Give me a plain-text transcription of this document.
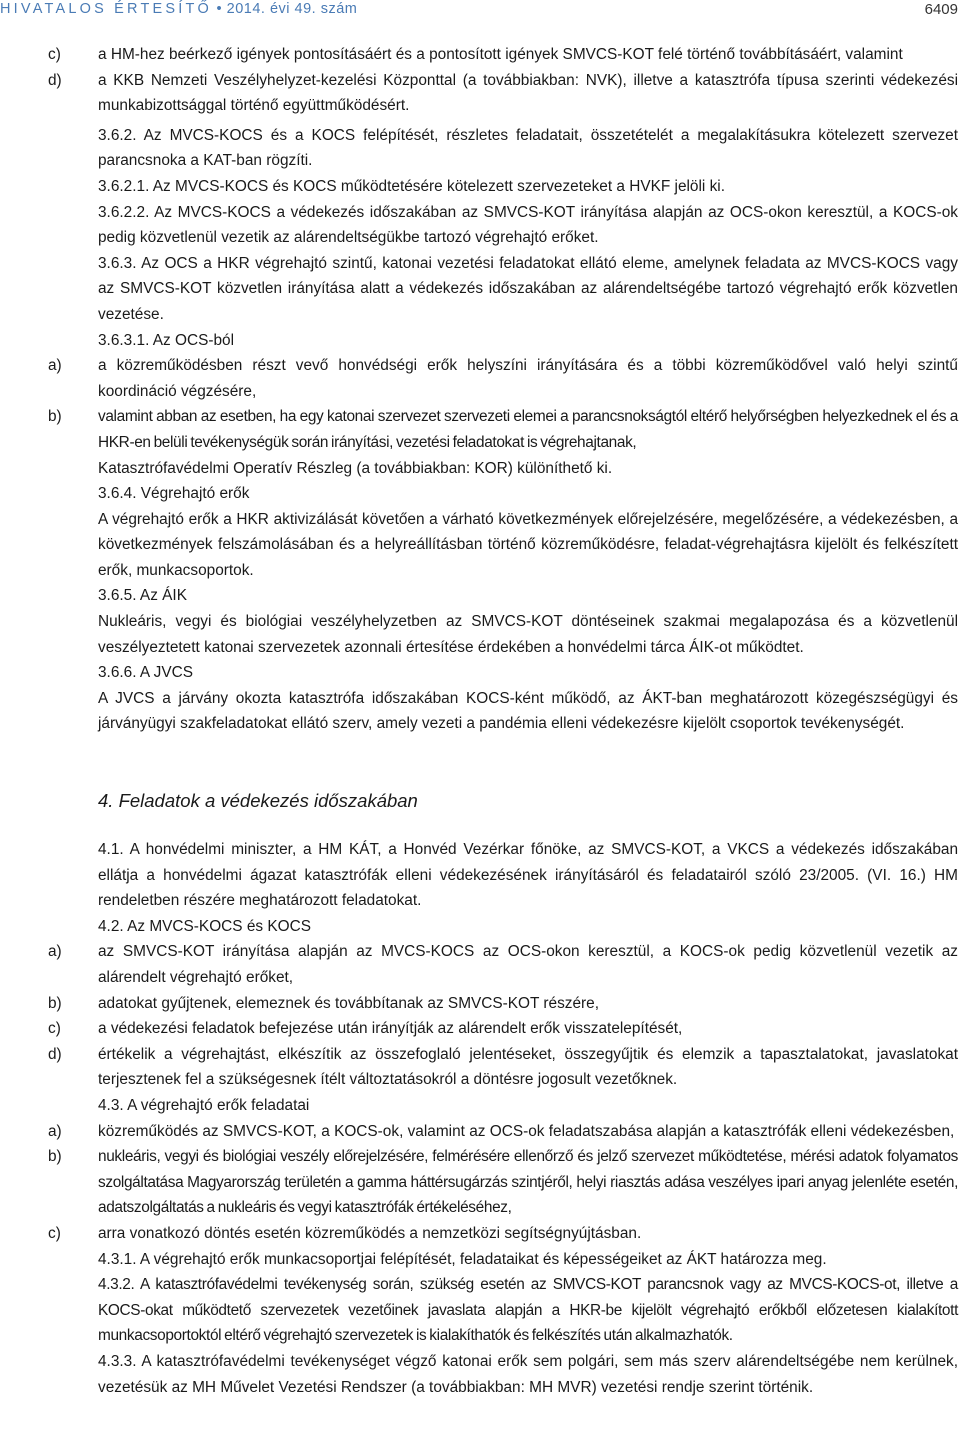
HIVATALOS ÉRTESÍTŐ • 2014. évi 49. szám	6409
c)	a HM-hez beérkező igények pontosításáért és a pontosított igények SMVCS-KOT felé történő továbbításáért, valamint
d)	a KKB Nemzeti Veszélyhelyzet-kezelési Központtal (a továbbiakban: NVK), illetve a katasztrófa típusa szerinti védekezési munkabizottsággal történő együttműködésért.

3.6.2. Az MVCS-KOCS és a KOCS felépítését, részletes feladatait, összetételét a megalakításukra kötelezett szervezet parancsnoka a KAT-ban rögzíti.

3.6.2.1. Az MVCS-KOCS és KOCS működtetésére kötelezett szervezeteket a HVKF jelöli ki.

3.6.2.2. Az MVCS-KOCS a védekezés időszakában az SMVCS-KOT irányítása alapján az OCS-okon keresztül, a KOCS-ok pedig közvetlenül vezetik az alárendeltségükbe tartozó végrehajtó erőket.

3.6.3. Az OCS a HKR végrehajtó szintű, katonai vezetési feladatokat ellátó eleme, amelynek feladata az MVCS-KOCS vagy az SMVCS-KOT közvetlen irányítása alatt a védekezés időszakában az alárendeltségébe tartozó végrehajtó erők közvetlen vezetése.

3.6.3.1. Az OCS-ból

a)	a közreműködésben részt vevő honvédségi erők helyszíni irányítására és a többi közreműködővel való helyi szintű koordináció végzésére,
b)	valamint abban az esetben, ha egy katonai szervezet szervezeti elemei a parancsnokságtól eltérő helyőrségben helyezkednek el és a HKR-en belüli tevékenységük során irányítási, vezetési feladatokat is végrehajtanak,

Katasztrófavédelmi Operatív Részleg (a továbbiakban: KOR) különíthető ki.

3.6.4. Végrehajtó erők

A végrehajtó erők a HKR aktivizálását követően a várható következmények előrejelzésére, megelőzésére, a védekezésben, a következmények felszámolásában és a helyreállításban történő közreműködésre, feladat-végrehajtásra kijelölt és felkészített erők, munkacsoportok.

3.6.5. Az ÁIK

Nukleáris, vegyi és biológiai veszélyhelyzetben az SMVCS-KOT döntéseinek szakmai megalapozása és a közvetlenül veszélyeztetett katonai szervezetek azonnali értesítése érdekében a honvédelmi tárca ÁIK-ot működtet.

3.6.6. A JVCS

A JVCS a járvány okozta katasztrófa időszakában KOCS-ként működő, az ÁKT-ban meghatározott közegészségügyi és járványügyi szakfeladatokat ellátó szerv, amely vezeti a pandémia elleni védekezésre kijelölt csoportok tevékenységét.

4. Feladatok a védekezés időszakában

4.1. A honvédelmi miniszter, a HM KÁT, a Honvéd Vezérkar főnöke, az SMVCS-KOT, a VKCS a védekezés időszakában ellátja a honvédelmi ágazat katasztrófák elleni védekezésének irányításáról és feladatairól szóló 23/2005. (VI. 16.) HM rendeletben részére meghatározott feladatokat.

4.2. Az MVCS-KOCS és KOCS

a)	az SMVCS-KOT irányítása alapján az MVCS-KOCS az OCS-okon keresztül, a KOCS-ok pedig közvetlenül vezetik az alárendelt végrehajtó erőket,
b)	adatokat gyűjtenek, elemeznek és továbbítanak az SMVCS-KOT részére,
c)	a védekezési feladatok befejezése után irányítják az alárendelt erők visszatelepítését,
d)	értékelik a végrehajtást, elkészítik az összefoglaló jelentéseket, összegyűjtik és elemzik a tapasztalatokat, javaslatokat terjesztenek fel a szükségesnek ítélt változtatásokról a döntésre jogosult vezetőknek.

4.3. A végrehajtó erők feladatai

a)	közreműködés az SMVCS-KOT, a KOCS-ok, valamint az OCS-ok feladatszabása alapján a katasztrófák elleni védekezésben,
b)	nukleáris, vegyi és biológiai veszély előrejelzésére, felmérésére ellenőrző és jelző szervezet működtetése, mérési adatok folyamatos szolgáltatása Magyarország területén a gamma háttérsugárzás szintjéről, helyi riasztás adása veszélyes ipari anyag jelenléte esetén, adatszolgáltatás a nukleáris és vegyi katasztrófák értékeléséhez,
c)	arra vonatkozó döntés esetén közreműködés a nemzetközi segítségnyújtásban.

4.3.1. A végrehajtó erők munkacsoportjai felépítését, feladataikat és képességeiket az ÁKT határozza meg.

4.3.2. A katasztrófavédelmi tevékenység során, szükség esetén az SMVCS-KOT parancsnok vagy az MVCS-KOCS-ot, illetve a KOCS-okat működtető szervezetek vezetőinek javaslata alapján a HKR-be kijelölt végrehajtó erőkből előzetesen kialakított munkacsoportoktól eltérő végrehajtó szervezetek is kialakíthatók és felkészítés után alkalmazhatók.

4.3.3. A katasztrófavédelmi tevékenységet végző katonai erők sem polgári, sem más szerv alárendeltségébe nem kerülnek, vezetésük az MH Művelet Vezetési Rendszer (a továbbiakban: MH MVR) vezetési rendje szerint történik.
